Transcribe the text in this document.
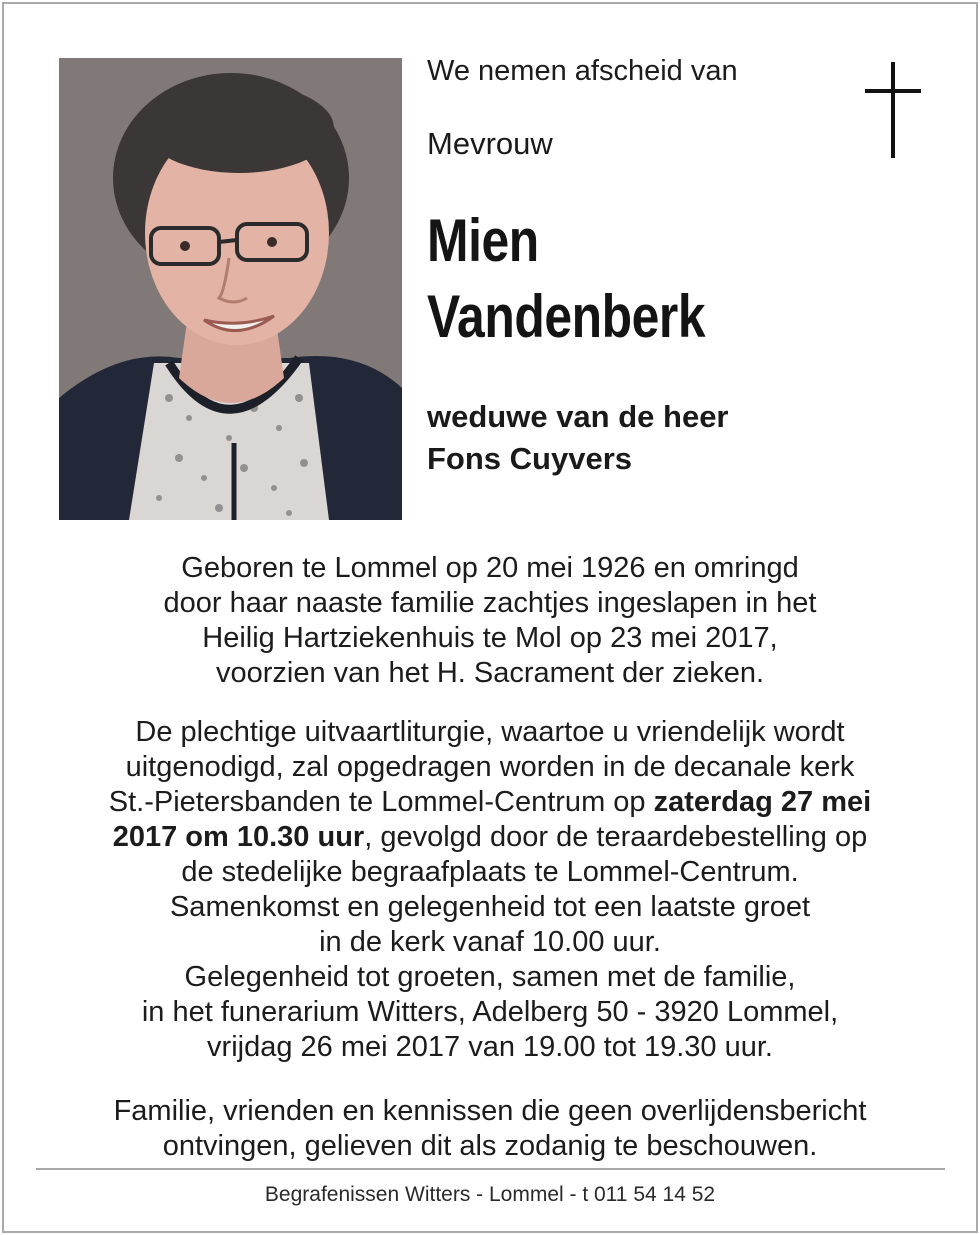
We nemen afscheid van
Mevrouw
Mien
Vandenberk
weduwe van de heer
Fons Cuyvers
Geboren te Lommel op 20 mei 1926 en omringd
door haar naaste familie zachtjes ingeslapen in het
Heilig Hartziekenhuis te Mol op 23 mei 2017,
voorzien van het H. Sacrament der zieken.
De plechtige uitvaartliturgie, waartoe u vriendelijk wordt
uitgenodigd, zal opgedragen worden in de decanale kerk
St.-Pietersbanden te Lommel-Centrum op zaterdag 27 mei
2017 om 10.30 uur, gevolgd door de teraardebestelling op
de stedelijke begraafplaats te Lommel-Centrum.
Samenkomst en gelegenheid tot een laatste groet
in de kerk vanaf 10.00 uur.
Gelegenheid tot groeten, samen met de familie,
in het funerarium Witters, Adelberg 50 - 3920 Lommel,
vrijdag 26 mei 2017 van 19.00 tot 19.30 uur.
Familie, vrienden en kennissen die geen overlijdensbericht
ontvingen, gelieven dit als zodanig te beschouwen.
Begrafenissen Witters - Lommel - t 011 54 14 52
